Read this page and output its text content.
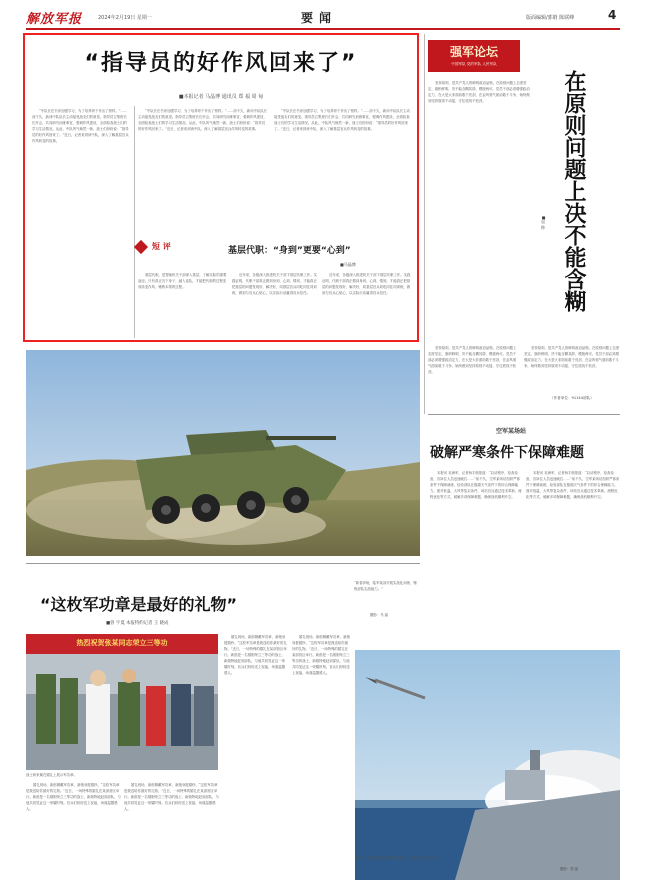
解放军报	2024年2月19日 星期一	要闻	版面编辑/郭晗 陈联峰	4
“指导员的好作风回来了”
■本报记者 马晶博 通讯员 郑 福 周 甸

“中队长在书房加强学习，为了培养骨干作出了榜样。”……前不久，新训中队队长主动接受战友们的意见。指导员召集班长们开会，共同研究训练事宜，强调作风建设，全面检查战士们的学习生活情况。从此，中队风气焕然一新，战士们纷纷说：“指导员的好作风回来了。”近日，记者来到该中队，深入了解基层官兵作风转变的故事。

“中队长在书房加强学习，为了培养骨干作出了榜样。”……前不久，新训中队队长主动接受战友们的意见。指导员召集班长们开会，共同研究训练事宜，强调作风建设，全面检查战士们的学习生活情况。从此，中队风气焕然一新，战士们纷纷说：“指导员的好作风回来了。”近日，记者来到该中队，深入了解基层官兵作风转变的故事。

“中队长在书房加强学习，为了培养骨干作出了榜样。”……前不久，新训中队队长主动接受战友们的意见。指导员召集班长们开会，共同研究训练事宜，强调作风建设，全面检查战士们的学习生活情况。从此，中队风气焕然一新，战士们纷纷说：“指导员的好作风回来了。”近日，记者来到该中队，深入了解基层官兵作风转变的故事。

短 评	基层代职：“身到”更要“心到”
■马晶博

基层代职，是帮助机关干部深入基层、了解实际的重要途径。只有真正沉下身子、融入连队，才能把代职的过程变成转变作风、锤炼本领的过程。

近年来，各级深入推进机关干部下基层代职工作。实践证明，代职干部真正做到身到、心到、情到，才能真正把基层的问题发现好、解决好，同基层官兵同吃同住同训练，做到与官兵心贴心，以实际行动赢得官兵信任。

近年来，各级深入推进机关干部下基层代职工作。实践证明，代职干部真正做到身到、心到、情到，才能真正把基层的问题发现好、解决好，同基层官兵同吃同住同训练，做到与官兵心贴心，以实际行动赢得官兵信任。

强军论坛
中国军队 党的军队 人民军队
在原则问题上决不能含糊
■吴 烨

坚持原则，是共产党人的鲜明政治品格。在原则问题上态度坚定、旗帜鲜明，决不能含糊其辞、模棱两可。党员干部必须增强政治定力，在大是大非面前敢于亮剑，在歪风邪气面前敢于斗争，始终做到坚持原则不动摇、守住底线不松劲。

坚持原则，是共产党人的鲜明政治品格。在原则问题上态度坚定、旗帜鲜明，决不能含糊其辞、模棱两可。党员干部必须增强政治定力，在大是大非面前敢于亮剑，在歪风邪气面前敢于斗争，始终做到坚持原则不动摇、守住底线不松劲。

坚持原则，是共产党人的鲜明政治品格。在原则问题上态度坚定、旗帜鲜明，决不能含糊其辞、模棱两可。党员干部必须增强政治定力，在大是大非面前敢于亮剑，在歪风邪气面前敢于斗争，始终做到坚持原则不动摇、守住底线不松劲。

（作者单位：91144部队）
空军某场站
破解严寒条件下保障难题

本报讯 吴海军、记者杨宇航报道：“启动程序、检查设备，各岗位人员迅速就位……”前不久，空军某场站组织严寒条件下保障演练，检验部队在极端天气条件下的综合保障能力。面对低温、大风等复杂条件，场站官兵通过技术革新、流程优化等方式，破解多项保障难题，确保战机顺利升空。

本报讯 吴海军、记者杨宇航报道：“启动程序、检查设备，各岗位人员迅速就位……”前不久，空军某场站组织严寒条件下保障演练，检验部队在极端天气条件下的综合保障能力。面对低温、大风等复杂条件，场站官兵通过技术革新、流程优化等方式，破解多项保障难题，确保战机顺利升空。

“新春伊始，陆军某部开展实战化训练，锤炼部队实战能力。”
摄影：马 晶
“这枚军功章是最好的礼物”
■曾 宇夏 本报特约记者 王 晓成
热烈祝贺张某同志荣立三等功
战士和家属在婚礼上展示军功章。

婚礼现场，新郎佩戴军功章，新娘身披婚纱。“这枚军功章是我送给你最好的礼物。”近日，一场特殊的婚礼在某部营区举行。新郎是一名刚刚荣立三等功的战士，新娘特地赶到部队，与他共同见证这一荣耀时刻。官兵们纷纷送上祝福，场面温馨感人。

婚礼现场，新郎佩戴军功章，新娘身披婚纱。“这枚军功章是我送给你最好的礼物。”近日，一场特殊的婚礼在某部营区举行。新郎是一名刚刚荣立三等功的战士，新娘特地赶到部队，与他共同见证这一荣耀时刻。官兵们纷纷送上祝福，场面温馨感人。

婚礼现场，新郎佩戴军功章，新娘身披婚纱。“这枚军功章是我送给你最好的礼物。”近日，一场特殊的婚礼在某部营区举行。新郎是一名刚刚荣立三等功的战士，新娘特地赶到部队，与他共同见证这一荣耀时刻。官兵们纷纷送上祝福，场面温馨感人。

婚礼现场，新郎佩戴军功章，新娘身披婚纱。“这枚军功章是我送给你最好的礼物。”近日，一场特殊的婚礼在某部营区举行。新郎是一名刚刚荣立三等功的战士，新娘特地赶到部队，与他共同见证这一荣耀时刻。官兵们纷纷送上祝福，场面温馨感人。

近日，海军某部组织导弹发射训练，检验部队实战能力。
摄影：郑 斌
